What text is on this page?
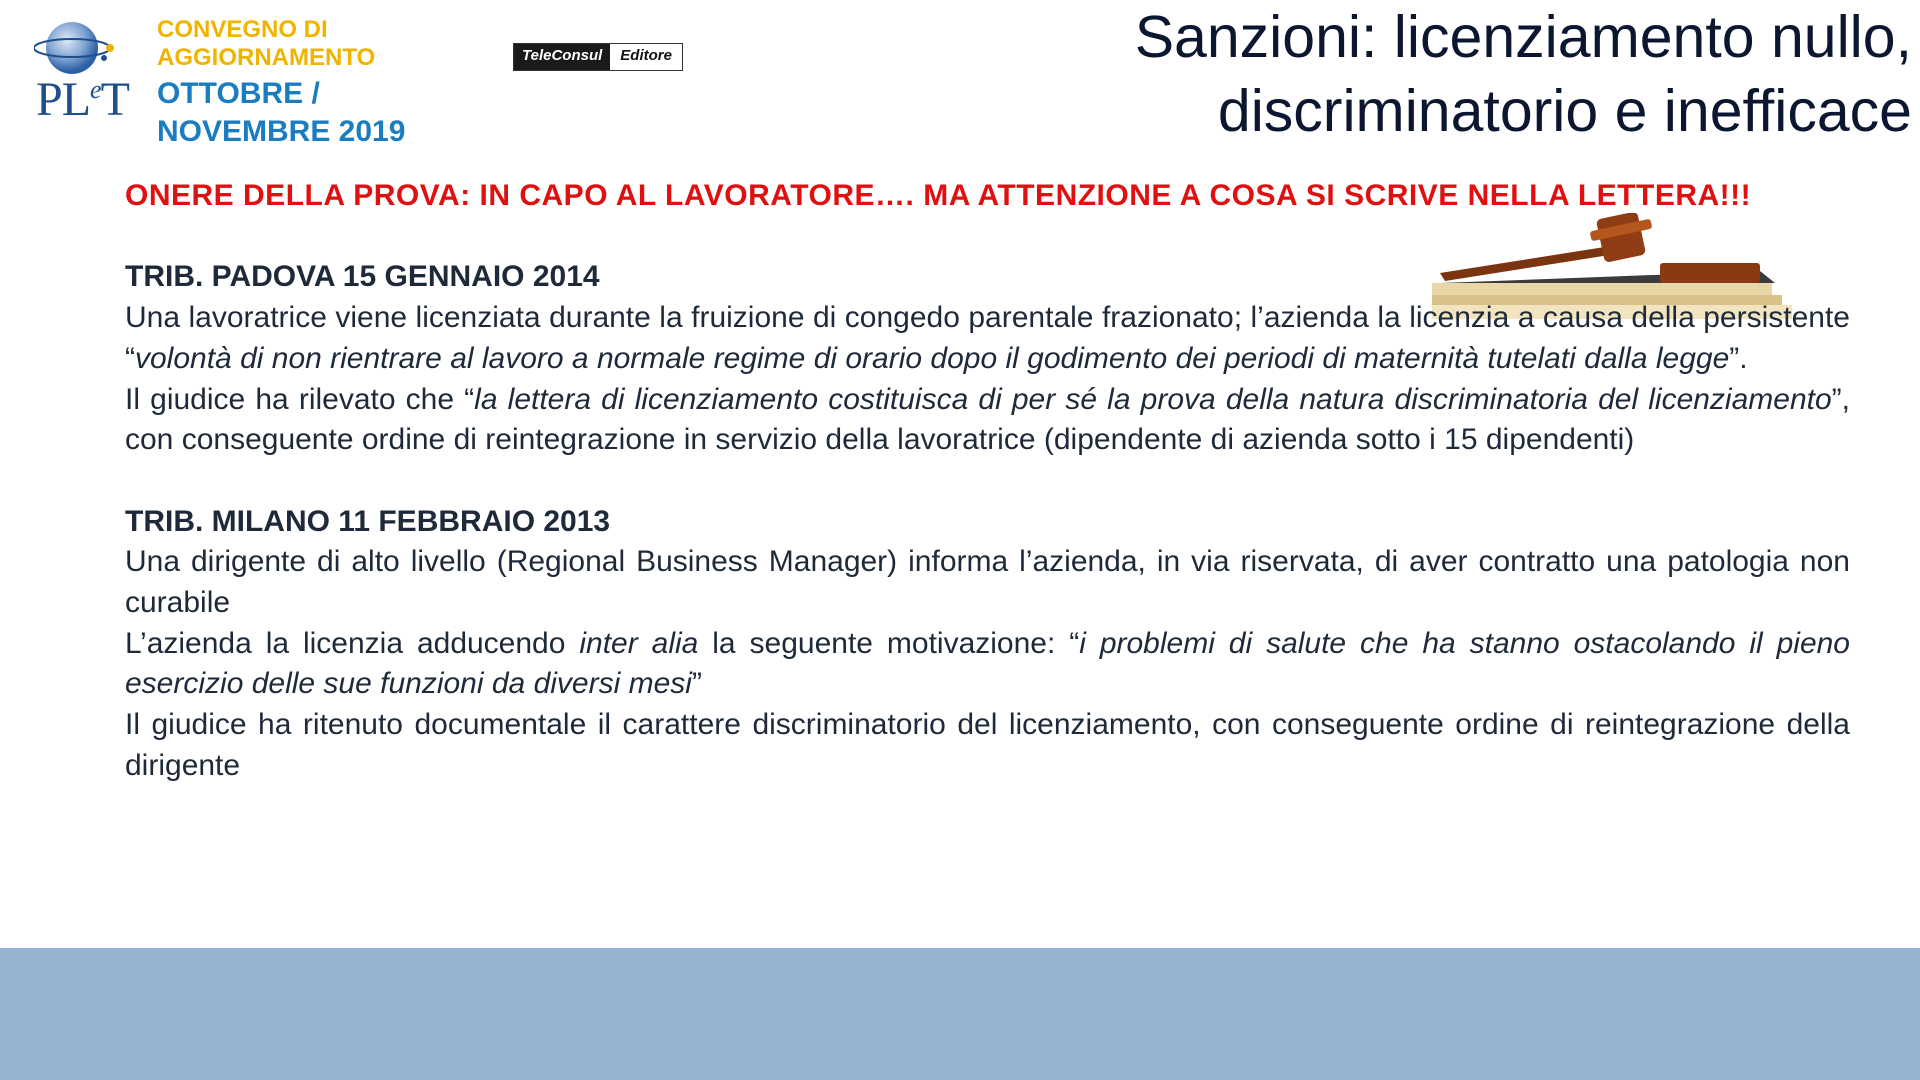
$PL^eT$
CONVEGNO DI
AGGIORNAMENTO
OTTOBRE /
NOVEMBRE 2019
TeleConsul	Editore	Sanzioni: licenziamento nullo,
discriminatorio e inefficace

ONERE DELLA PROVA: IN CAPO AL LAVORATORE…. MA ATTENZIONE A COSA SI SCRIVE NELLA LETTERA!!!

TRIB. PADOVA 15 GENNAIO 2014

Una lavoratrice viene licenziata durante la fruizione di congedo parentale frazionato; l’azienda la licenzia a causa della persistente “volontà di non rientrare al lavoro a normale regime di orario dopo il godimento dei periodi di maternità tutelati dalla legge”.

Il giudice ha rilevato che “la lettera di licenziamento costituisca di per sé la prova della natura discriminatoria del licenziamento”, con conseguente ordine di reintegrazione in servizio della lavoratrice (dipendente di azienda sotto i 15 dipendenti)

TRIB. MILANO 11 FEBBRAIO 2013

Una dirigente di alto livello (Regional Business Manager) informa l’azienda, in via riservata, di aver contratto una patologia non curabile

L’azienda la licenzia adducendo inter alia la seguente motivazione: “i problemi di salute che ha stanno ostacolando il pieno esercizio delle sue funzioni da diversi mesi”

Il giudice ha ritenuto documentale il carattere discriminatorio del licenziamento, con conseguente ordine di reintegrazione della dirigente
